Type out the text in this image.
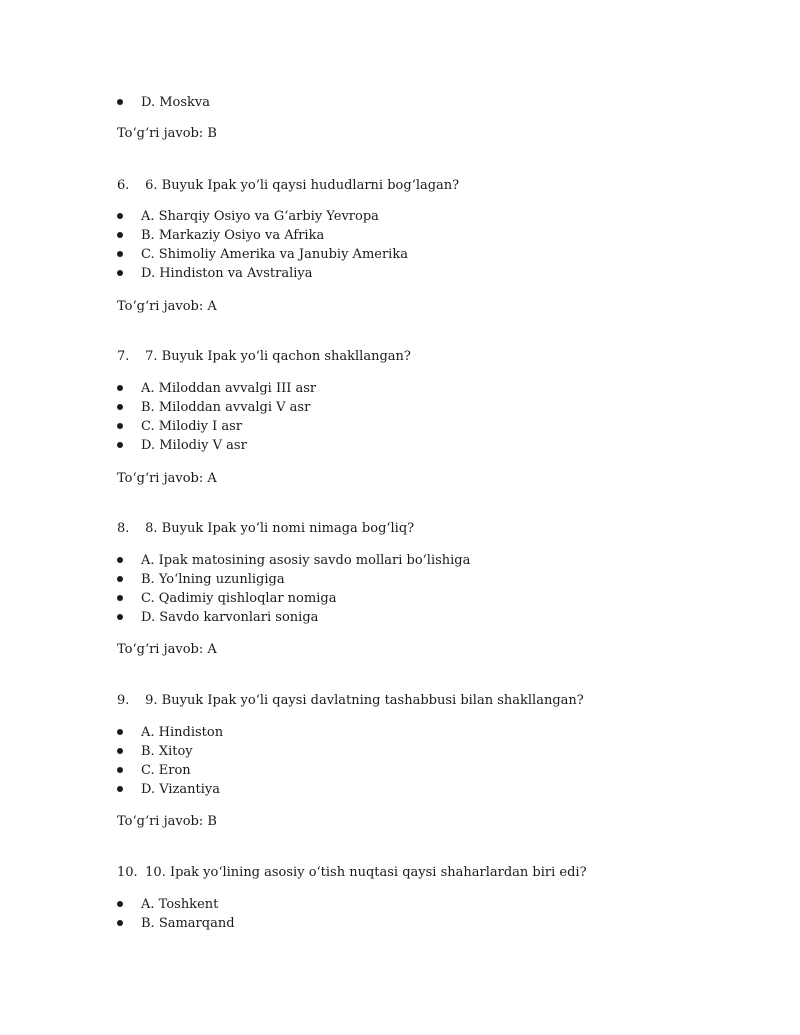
D. Moskva
To‘g‘ri javob: B
6. 6. Buyuk Ipak yo‘li qaysi hududlarni bog‘lagan?
A. Sharqiy Osiyo va G‘arbiy Yevropa
B. Markaziy Osiyo va Afrika
C. Shimoliy Amerika va Janubiy Amerika
D. Hindiston va Avstraliya
To‘g‘ri javob: A
7. 7. Buyuk Ipak yo‘li qachon shakllangan?
A. Miloddan avvalgi III asr
B. Miloddan avvalgi V asr
C. Milodiy I asr
D. Milodiy V asr
To‘g‘ri javob: A
8. 8. Buyuk Ipak yo‘li nomi nimaga bog‘liq?
A. Ipak matosining asosiy savdo mollari bo‘lishiga
B. Yo‘lning uzunligiga
C. Qadimiy qishloqlar nomiga
D. Savdo karvonlari soniga
To‘g‘ri javob: A
9. 9. Buyuk Ipak yo‘li qaysi davlatning tashabbusi bilan shakllangan?
A. Hindiston
B. Xitoy
C. Eron
D. Vizantiya
To‘g‘ri javob: B
10. 10. Ipak yo‘lining asosiy o‘tish nuqtasi qaysi shaharlardan biri edi?
A. Toshkent
B. Samarqand
